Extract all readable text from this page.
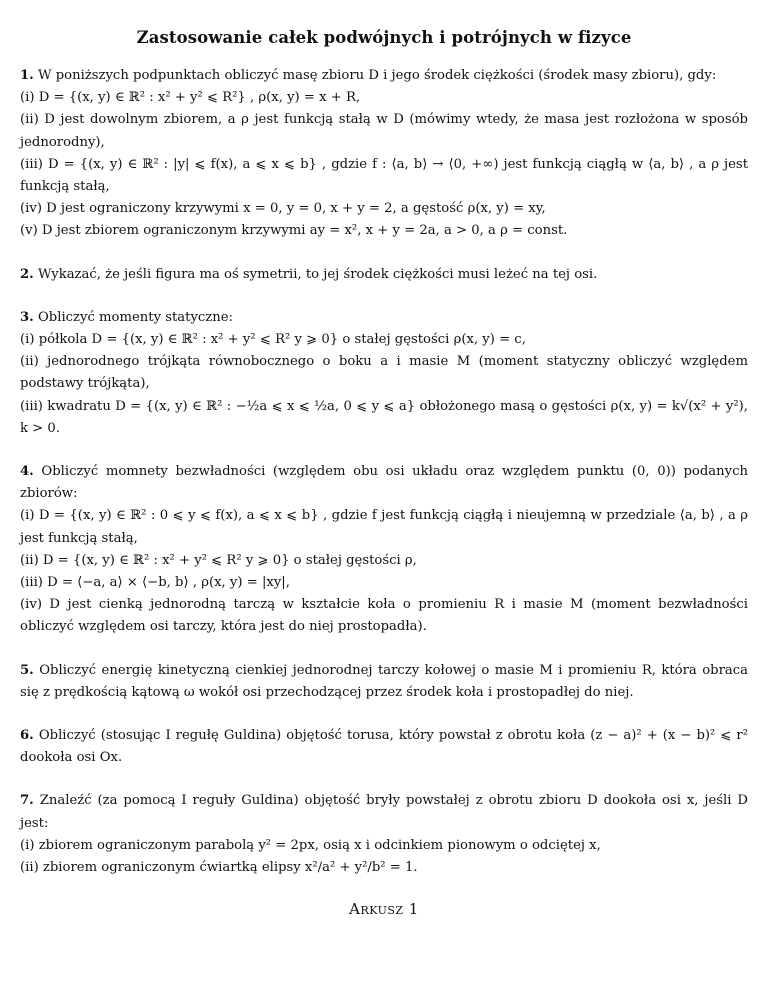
Zastosowanie całek podwójnych i potrójnych w fizyce
1. W poniższych podpunktach obliczyć masę zbioru D i jego środek ciężkości (środek masy zbioru), gdy:
(i) D = {(x, y) ∈ ℝ² : x² + y² ⩽ R²} , ρ(x, y) = x + R,
(ii) D jest dowolnym zbiorem, a ρ jest funkcją stałą w D (mówimy wtedy, że masa jest rozłożona w sposób jednorodny),
(iii) D = {(x, y) ∈ ℝ² : |y| ⩽ f(x), a ⩽ x ⩽ b} , gdzie f : ⟨a, b⟩ → ⟨0, +∞) jest funkcją ciągłą w ⟨a, b⟩ , a ρ jest funkcją stałą,
(iv) D jest ograniczony krzywymi x = 0, y = 0, x + y = 2, a gęstość ρ(x, y) = xy,
(v) D jest zbiorem ograniczonym krzywymi ay = x², x + y = 2a, a > 0, a ρ = const.
2. Wykazać, że jeśli figura ma oś symetrii, to jej środek ciężkości musi leżeć na tej osi.
3. Obliczyć momenty statyczne:
(i) półkola D = {(x, y) ∈ ℝ² : x² + y² ⩽ R² y ⩾ 0} o stałej gęstości ρ(x, y) = c,
(ii) jednorodnego trójkąta równobocznego o boku a i masie M (moment statyczny obliczyć względem podstawy trójkąta),
(iii) kwadratu D = {(x, y) ∈ ℝ² : −½a ⩽ x ⩽ ½a, 0 ⩽ y ⩽ a} obłożonego masą o gęstości ρ(x, y) = k√(x² + y²), k > 0.
4. Obliczyć momnety bezwładności (względem obu osi układu oraz względem punktu (0, 0)) podanych zbiorów:
(i) D = {(x, y) ∈ ℝ² : 0 ⩽ y ⩽ f(x), a ⩽ x ⩽ b} , gdzie f jest funkcją ciągłą i nieujemną w przedziale ⟨a, b⟩ , a ρ jest funkcją stałą,
(ii) D = {(x, y) ∈ ℝ² : x² + y² ⩽ R² y ⩾ 0} o stałej gęstości ρ,
(iii) D = ⟨−a, a⟩ × ⟨−b, b⟩ , ρ(x, y) = |xy|,
(iv) D jest cienką jednorodną tarczą w kształcie koła o promieniu R i masie M (moment bezwładności obliczyć względem osi tarczy, która jest do niej prostopadła).
5. Obliczyć energię kinetyczną cienkiej jednorodnej tarczy kołowej o masie M i promieniu R, która obraca się z prędkością kątową ω wokół osi przechodzącej przez środek koła i prostopadłej do niej.
6. Obliczyć (stosując I regułę Guldina) objętość torusa, który powstał z obrotu koła (z − a)² + (x − b)² ⩽ r² dookoła osi Ox.
7. Znaleźć (za pomocą I reguły Guldina) objętość bryły powstałej z obrotu zbioru D dookoła osi x, jeśli D jest:
(i) zbiorem ograniczonym parabolą y² = 2px, osią x i odcinkiem pionowym o odciętej x,
(ii) zbiorem ograniczonym ćwiartką elipsy x²/a² + y²/b² = 1.
Arkusz 1
